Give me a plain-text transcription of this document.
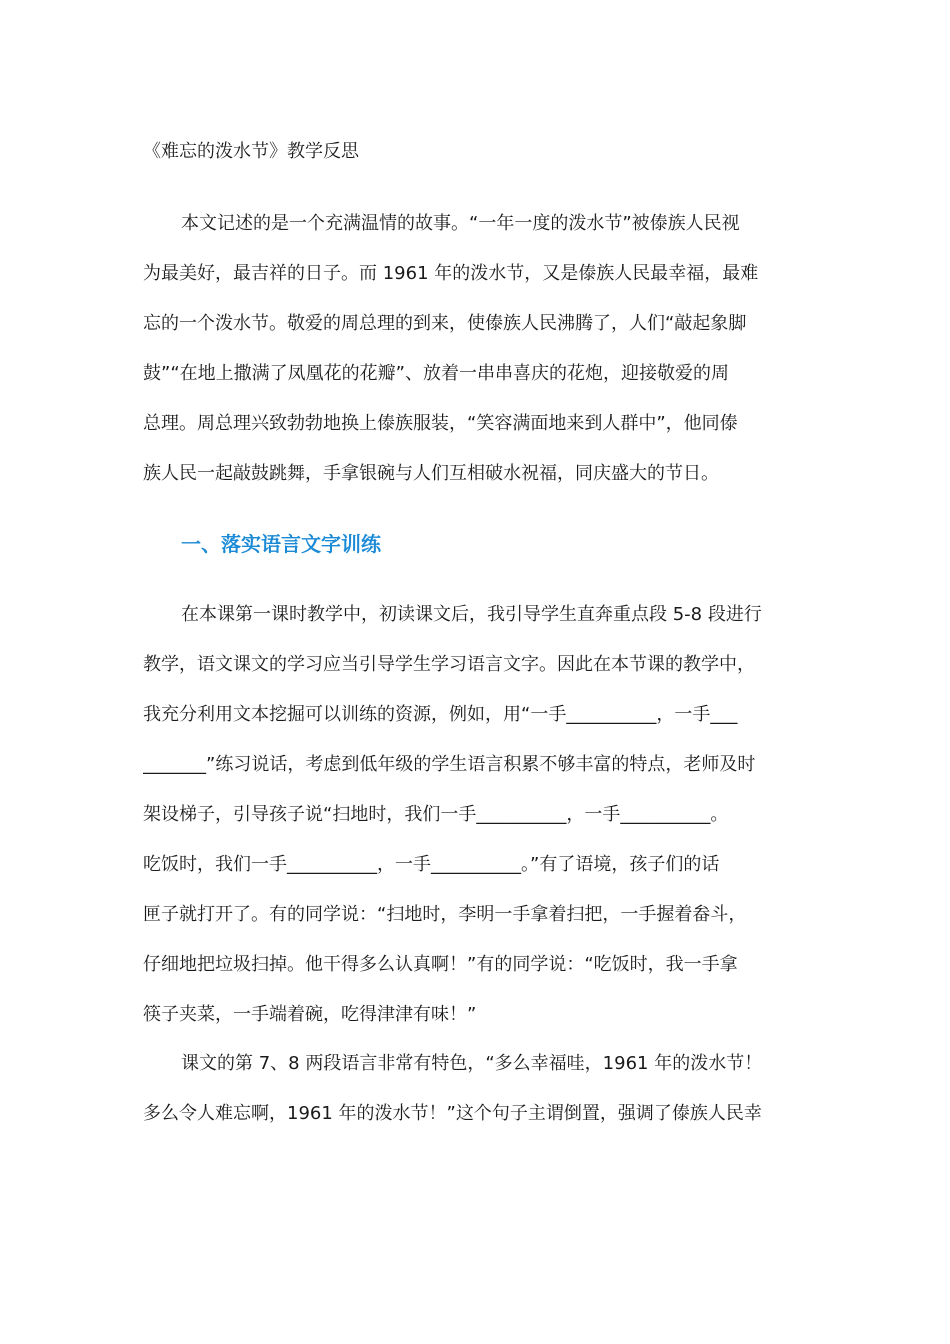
《难忘的泼水节》教学反思
本文记述的是一个充满温情的故事。“一年一度的泼水节”被傣族人民视
为最美好，最吉祥的日子。而 1961 年的泼水节，又是傣族人民最幸福，最难
忘的一个泼水节。敬爱的周总理的到来，使傣族人民沸腾了，人们“敲起象脚
鼓”“在地上撒满了凤凰花的花瓣”、放着一串串喜庆的花炮，迎接敬爱的周
总理。周总理兴致勃勃地换上傣族服装，“笑容满面地来到人群中”，他同傣
族人民一起敲鼓跳舞，手拿银碗与人们互相破水祝福，同庆盛大的节日。
一、落实语言文字训练
在本课第一课时教学中，初读课文后，我引导学生直奔重点段 5-8 段进行
教学，语文课文的学习应当引导学生学习语言文字。因此在本节课的教学中，
我充分利用文本挖掘可以训练的资源，例如，用“一手__________，一手___
_______”练习说话，考虑到低年级的学生语言积累不够丰富的特点，老师及时
架设梯子，引导孩子说“扫地时，我们一手__________，一手__________。
吃饭时，我们一手__________，一手__________。”有了语境，孩子们的话
匣子就打开了。有的同学说：“扫地时，李明一手拿着扫把，一手握着畚斗，
仔细地把垃圾扫掉。他干得多么认真啊！”有的同学说：“吃饭时，我一手拿
筷子夹菜，一手端着碗，吃得津津有味！”
课文的第 7、8 两段语言非常有特色，“多么幸福哇，1961 年的泼水节！
多么令人难忘啊，1961 年的泼水节！”这个句子主谓倒置，强调了傣族人民幸
